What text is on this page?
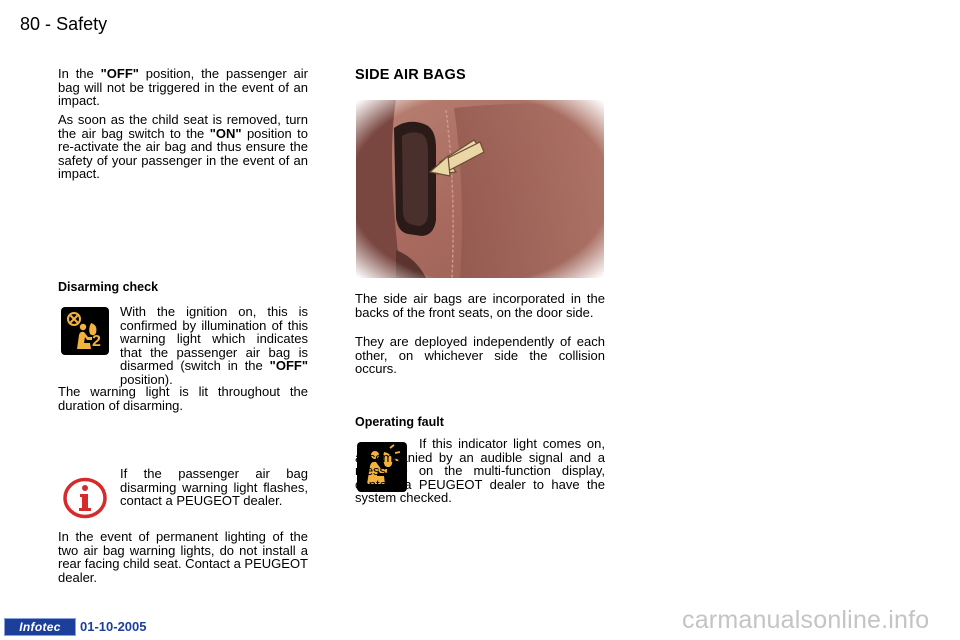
80 - Safety

In the "OFF" position, the passenger air bag will not be triggered in the event of an impact.

As soon as the child seat is removed, turn the air bag switch to the "ON" position to re-activate the air bag and thus ensure the safety of your passenger in the event of an impact.

Disarming check
2

With the ignition on, this is confirmed by illumination of this warning light which indicates that the passenger air bag is disarmed (switch in the "OFF" position).

The warning light is lit throughout the duration of disarming.

If the passenger air bag disarming warning light flashes, contact a PEUGEOT dealer.

In the event of permanent lighting of the two air bag warning lights, do not install a rear facing child seat. Contact a PEUGEOT dealer.

SIDE AIR BAGS

The side air bags are incorporated in the backs of the front seats, on the door side.

They are deployed independently of each other, on whichever side the collision occurs.

Operating fault

If this indicator light comes on, accompanied by an audible signal and a message on the multi-function display, contact a PEUGEOT dealer to have the system checked.

Infotec	01-10-2005	carmanualsonline.info
